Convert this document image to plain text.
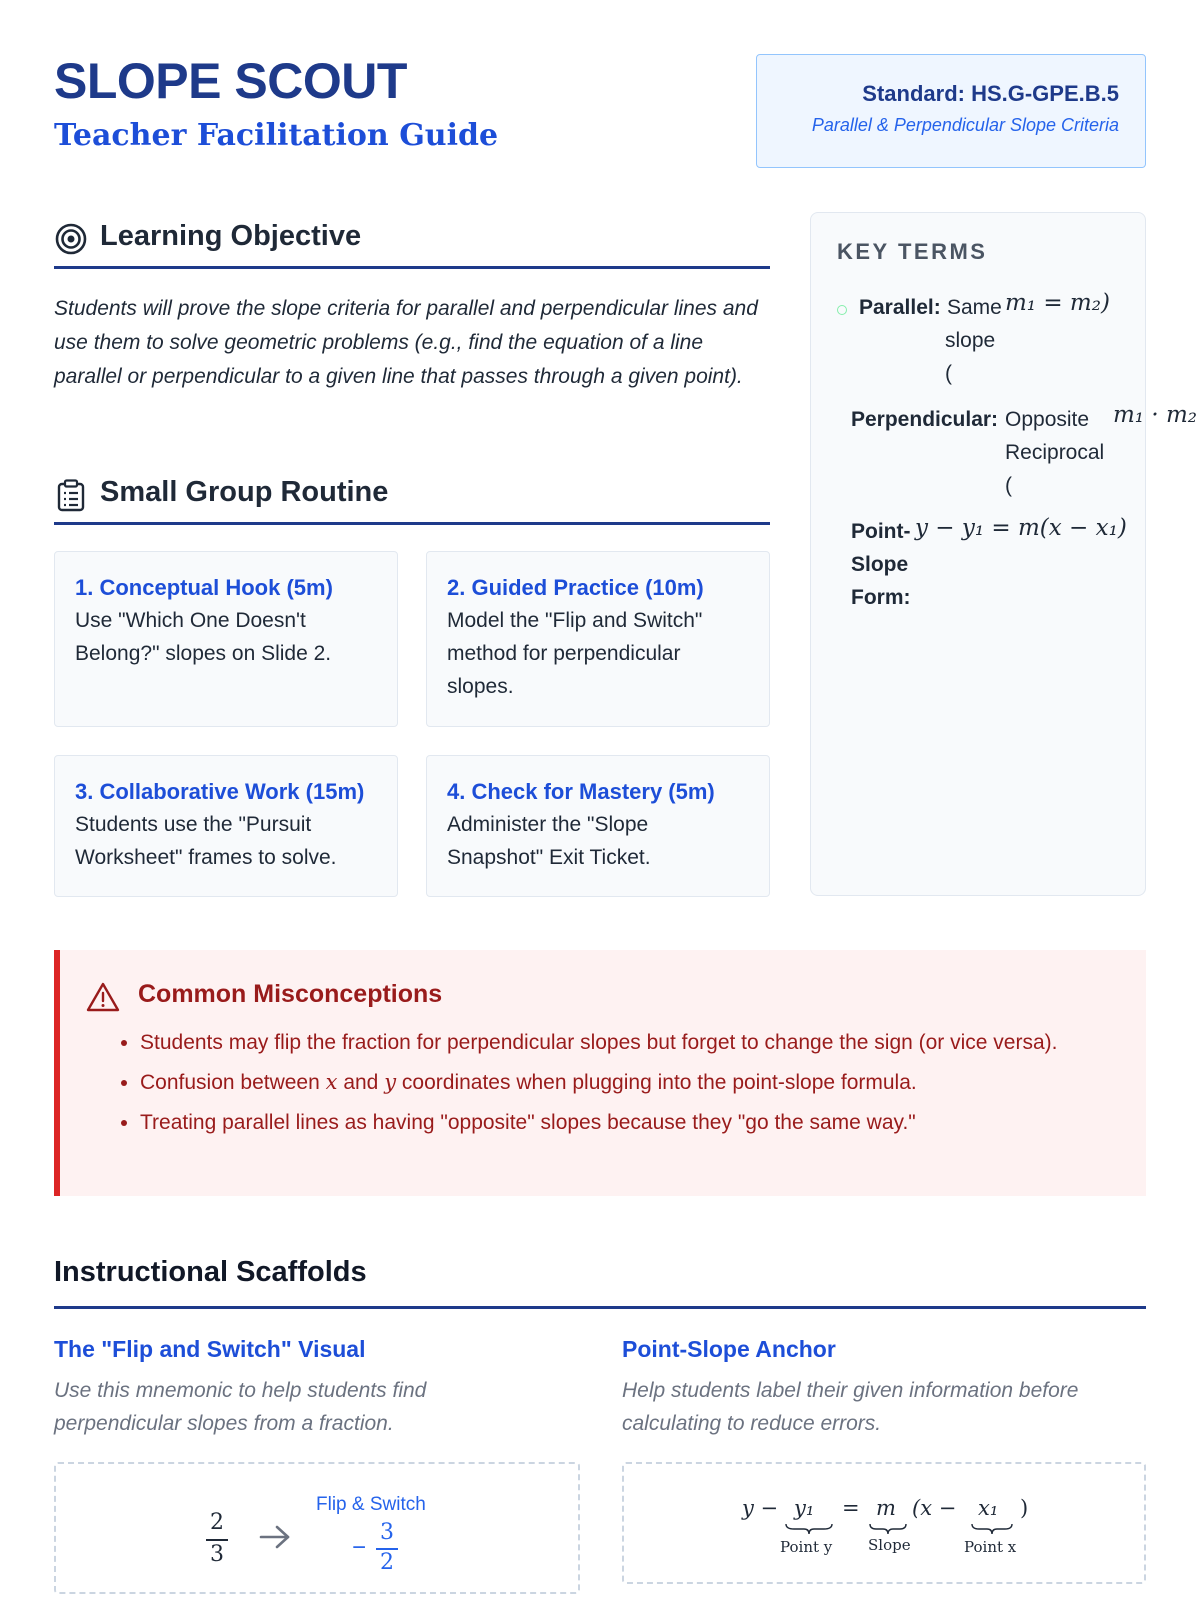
SLOPE SCOUT
Teacher Facilitation Guide
Standard: HS.G-GPE.B.5
Parallel & Perpendicular Slope Criteria
Learning Objective
Students will prove the slope criteria for parallel and perpendicular lines and use them to solve geometric problems (e.g., find the equation of a line parallel or perpendicular to a given line that passes through a given point).
Small Group Routine
1. Conceptual Hook (5m)
Use "Which One Doesn't Belong?" slopes on Slide 2.
2. Guided Practice (10m)
Model the "Flip and Switch" method for perpendicular slopes.
3. Collaborative Work (15m)
Students use the "Pursuit Worksheet" frames to solve.
4. Check for Mastery (5m)
Administer the "Slope Snapshot" Exit Ticket.
KEY TERMS
Parallel: Same
slope
(
m₁ = m₂)
Perpendicular: Opposite
Reciprocal
(
m₁ · m₂
Point-
Slope
Form:
y − y₁ = m(x − x₁)
Common Misconceptions
• Students may flip the fraction for perpendicular slopes but forget to change the sign (or vice versa).
• Confusion between x and y coordinates when plugging into the point-slope formula.
• Treating parallel lines as having "opposite" slopes because they "go the same way."
Instructional Scaffolds
The "Flip and Switch" Visual
Use this mnemonic to help students find perpendicular slopes from a fraction.
2
3
Flip & Switch
−
3
2
Point-Slope Anchor
Help students label their given information before calculating to reduce errors.
y − y₁ = m (x − x₁ )
Point y Slope	Point x
